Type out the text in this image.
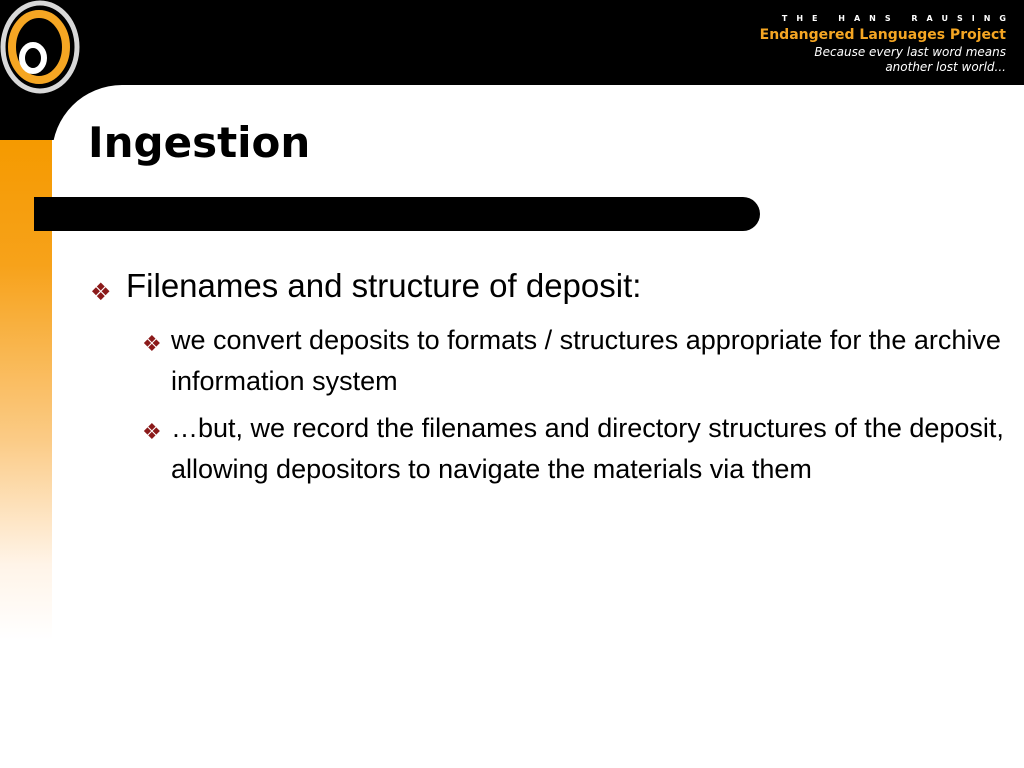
THE HANS RAUSING
Endangered Languages Project
Because every last word means
another lost world...
Ingestion
❖ Filenames and structure of deposit:
❖ we convert deposits to formats / structures appropriate for the archive information system
❖ …but, we record the filenames and directory structures of the deposit, allowing depositors to navigate the materials via them
